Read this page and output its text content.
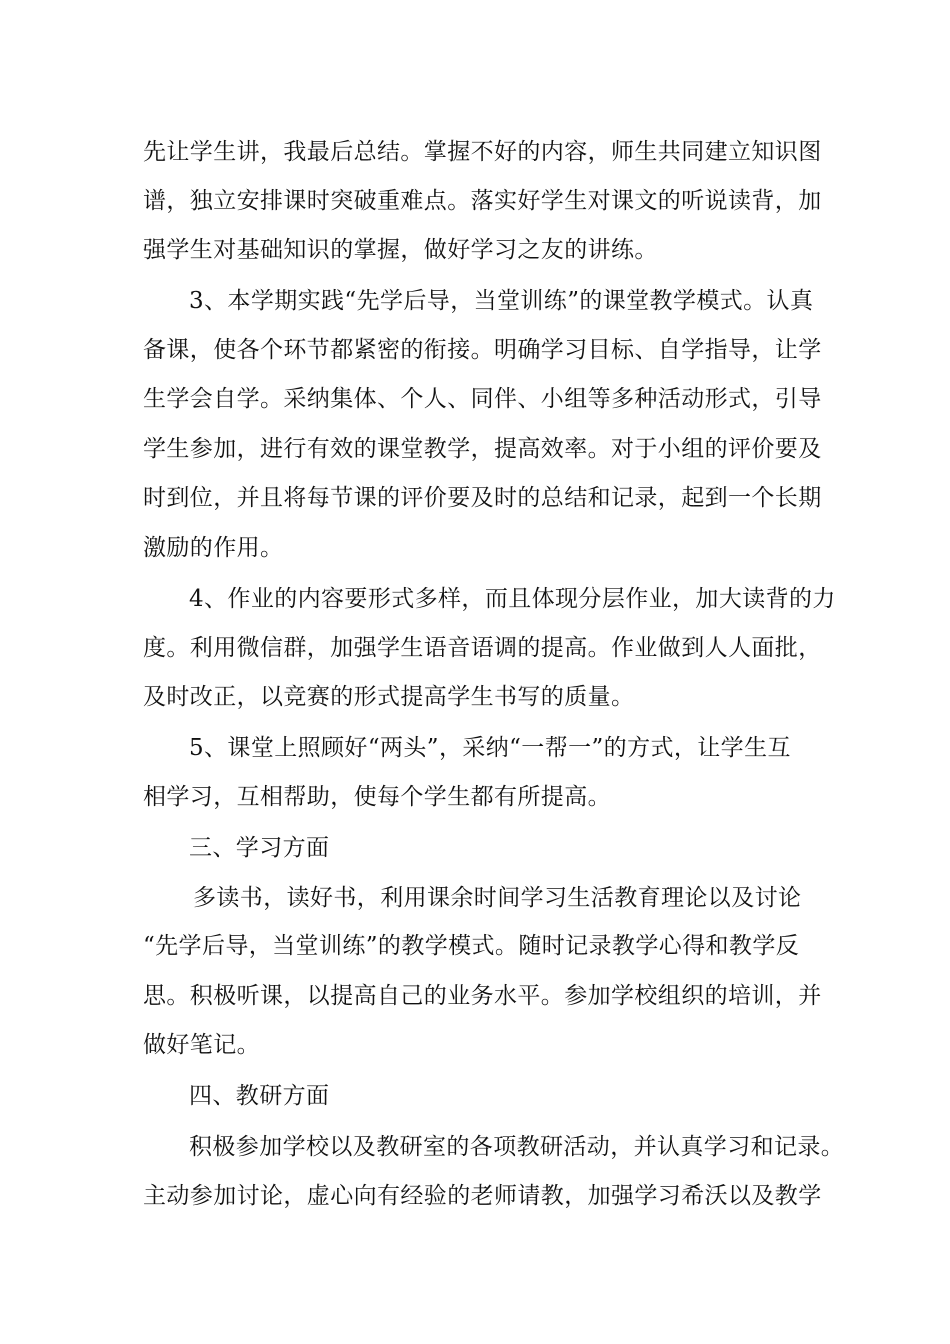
先让学生讲，我最后总结。掌握不好的内容，师生共同建立知识图
谱，独立安排课时突破重难点。落实好学生对课文的听说读背，加
强学生对基础知识的掌握，做好学习之友的讲练。
3、本学期实践“先学后导，当堂训练”的课堂教学模式。认真
备课，使各个环节都紧密的衔接。明确学习目标、自学指导，让学
生学会自学。采纳集体、个人、同伴、小组等多种活动形式，引导
学生参加，进行有效的课堂教学，提高效率。对于小组的评价要及
时到位，并且将每节课的评价要及时的总结和记录，起到一个长期
激励的作用。
4、作业的内容要形式多样，而且体现分层作业，加大读背的力
度。利用微信群，加强学生语音语调的提高。作业做到人人面批，
及时改正，以竞赛的形式提高学生书写的质量。
5、课堂上照顾好“两头”，采纳“一帮一”的方式，让学生互
相学习，互相帮助，使每个学生都有所提高。
三、学习方面
多读书，读好书，利用课余时间学习生活教育理论以及讨论
“先学后导，当堂训练”的教学模式。随时记录教学心得和教学反
思。积极听课，以提高自己的业务水平。参加学校组织的培训，并
做好笔记。
四、教研方面
积极参加学校以及教研室的各项教研活动，并认真学习和记录。
主动参加讨论，虚心向有经验的老师请教，加强学习希沃以及教学
